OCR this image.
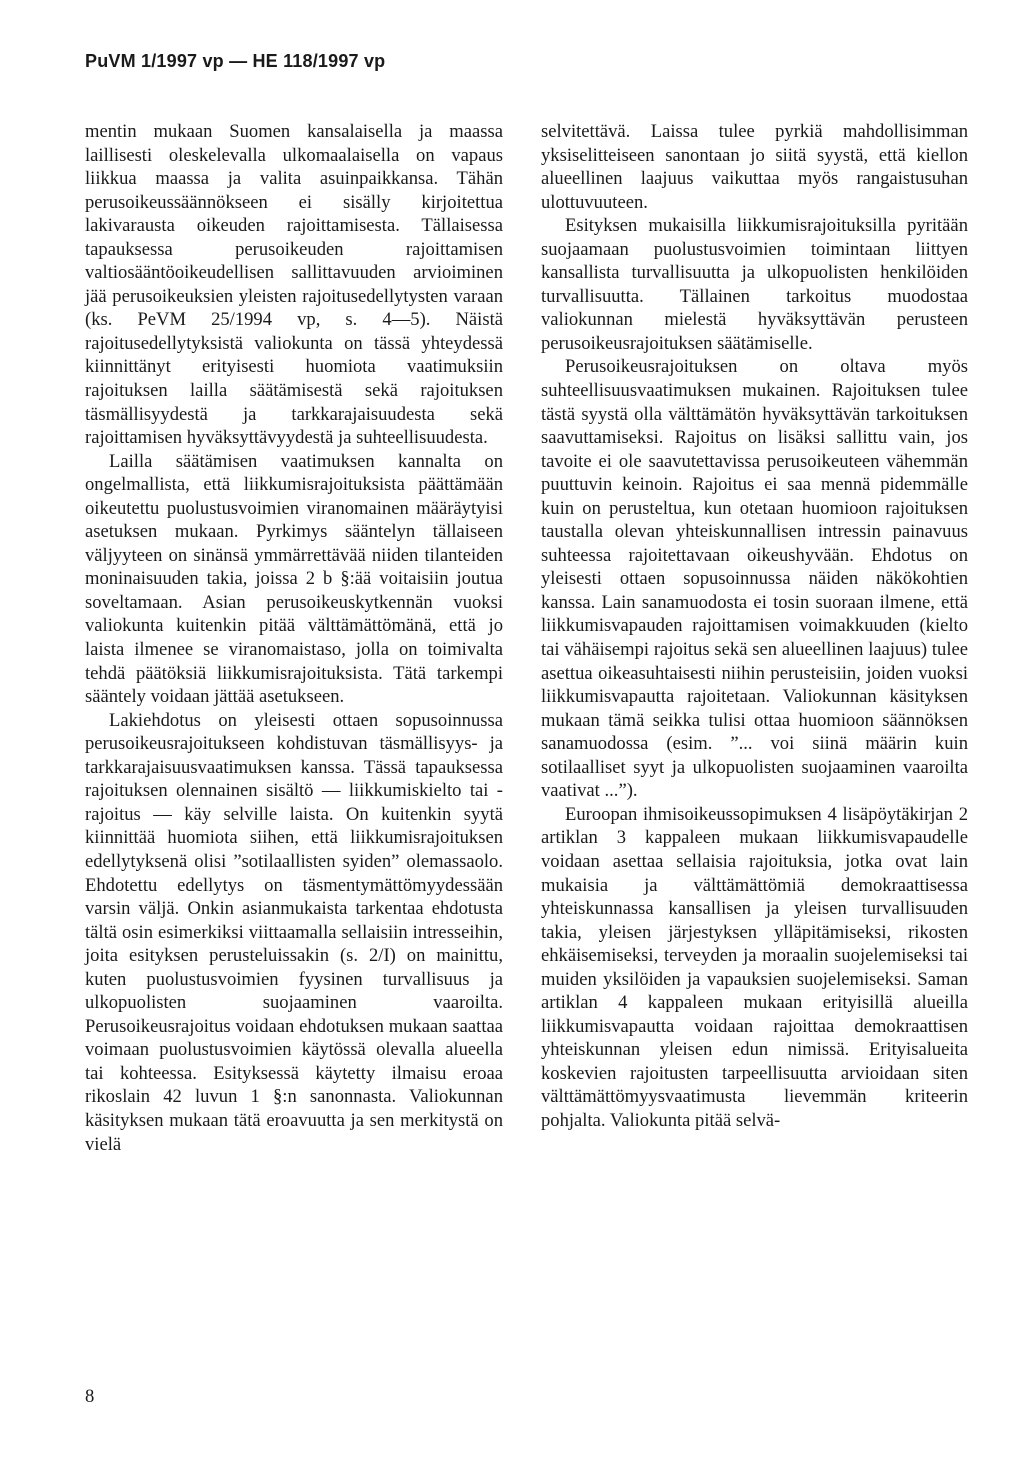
PuVM 1/1997 vp — HE 118/1997 vp

mentin mukaan Suomen kansalaisella ja maassa laillisesti oleskelevalla ulkomaalaisella on vapaus liikkua maassa ja valita asuinpaikkansa. Tähän perusoikeussäännökseen ei sisälly kirjoitettua lakivarausta oikeuden rajoittamisesta. Tällaisessa tapauksessa perusoikeuden rajoittamisen valtiosääntöoikeudellisen sallittavuuden arvioiminen jää perusoikeuksien yleisten rajoitusedellytysten varaan (ks. PeVM 25/1994 vp, s. 4—5). Näistä rajoitusedellytyksistä valiokunta on tässä yhteydessä kiinnittänyt erityisesti huomiota vaatimuksiin rajoituksen lailla säätämisestä sekä rajoituksen täsmällisyydestä ja tarkkarajaisuudesta sekä rajoittamisen hyväksyttävyydestä ja suhteellisuudesta.

Lailla säätämisen vaatimuksen kannalta on ongelmallista, että liikkumisrajoituksista päättämään oikeutettu puolustusvoimien viranomainen määräytyisi asetuksen mukaan. Pyrkimys sääntelyn tällaiseen väljyyteen on sinänsä ymmärrettävää niiden tilanteiden moninaisuuden takia, joissa 2 b §:ää voitaisiin joutua soveltamaan. Asian perusoikeuskytkennän vuoksi valiokunta kuitenkin pitää välttämättömänä, että jo laista ilmenee se viranomaistaso, jolla on toimivalta tehdä päätöksiä liikkumisrajoituksista. Tätä tarkempi sääntely voidaan jättää asetukseen.

Lakiehdotus on yleisesti ottaen sopusoinnussa perusoikeusrajoitukseen kohdistuvan täsmällisyys- ja tarkkarajaisuusvaatimuksen kanssa. Tässä tapauksessa rajoituksen olennainen sisältö — liikkumiskielto tai -rajoitus — käy selville laista. On kuitenkin syytä kiinnittää huomiota siihen, että liikkumisrajoituksen edellytyksenä olisi ”sotilaallisten syiden” olemassaolo. Ehdotettu edellytys on täsmentymättömyydessään varsin väljä. Onkin asianmukaista tarkentaa ehdotusta tältä osin esimerkiksi viittaamalla sellaisiin intresseihin, joita esityksen perusteluissakin (s. 2/I) on mainittu, kuten puolustusvoimien fyysinen turvallisuus ja ulkopuolisten suojaaminen vaaroilta. Perusoikeusrajoitus voidaan ehdotuksen mukaan saattaa voimaan puolustusvoimien käytössä olevalla alueella tai kohteessa. Esityksessä käytetty ilmaisu eroaa rikoslain 42 luvun 1 §:n sanonnasta. Valiokunnan käsityksen mukaan tätä eroavuutta ja sen merkitystä on vielä

selvitettävä. Laissa tulee pyrkiä mahdollisimman yksiselitteiseen sanontaan jo siitä syystä, että kiellon alueellinen laajuus vaikuttaa myös rangaistusuhan ulottuvuuteen.

Esityksen mukaisilla liikkumisrajoituksilla pyritään suojaamaan puolustusvoimien toimintaan liittyen kansallista turvallisuutta ja ulkopuolisten henkilöiden turvallisuutta. Tällainen tarkoitus muodostaa valiokunnan mielestä hyväksyttävän perusteen perusoikeusrajoituksen säätämiselle.

Perusoikeusrajoituksen on oltava myös suhteellisuusvaatimuksen mukainen. Rajoituksen tulee tästä syystä olla välttämätön hyväksyttävän tarkoituksen saavuttamiseksi. Rajoitus on lisäksi sallittu vain, jos tavoite ei ole saavutettavissa perusoikeuteen vähemmän puuttuvin keinoin. Rajoitus ei saa mennä pidemmälle kuin on perusteltua, kun otetaan huomioon rajoituksen taustalla olevan yhteiskunnallisen intressin painavuus suhteessa rajoitettavaan oikeushyvään. Ehdotus on yleisesti ottaen sopusoinnussa näiden näkökohtien kanssa. Lain sanamuodosta ei tosin suoraan ilmene, että liikkumisvapauden rajoittamisen voimakkuuden (kielto tai vähäisempi rajoitus sekä sen alueellinen laajuus) tulee asettua oikeasuhtaisesti niihin perusteisiin, joiden vuoksi liikkumisvapautta rajoitetaan. Valiokunnan käsityksen mukaan tämä seikka tulisi ottaa huomioon säännöksen sanamuodossa (esim. ”... voi siinä määrin kuin sotilaalliset syyt ja ulkopuolisten suojaaminen vaaroilta vaativat ...”).

Euroopan ihmisoikeussopimuksen 4 lisäpöytäkirjan 2 artiklan 3 kappaleen mukaan liikkumisvapaudelle voidaan asettaa sellaisia rajoituksia, jotka ovat lain mukaisia ja välttämättömiä demokraattisessa yhteiskunnassa kansallisen ja yleisen turvallisuuden takia, yleisen järjestyksen ylläpitämiseksi, rikosten ehkäisemiseksi, terveyden ja moraalin suojelemiseksi tai muiden yksilöiden ja vapauksien suojelemiseksi. Saman artiklan 4 kappaleen mukaan erityisillä alueilla liikkumisvapautta voidaan rajoittaa demokraattisen yhteiskunnan yleisen edun nimissä. Erityisalueita koskevien rajoitusten tarpeellisuutta arvioidaan siten välttämättömyysvaatimusta lievemmän kriteerin pohjalta. Valiokunta pitää selvä-

8
